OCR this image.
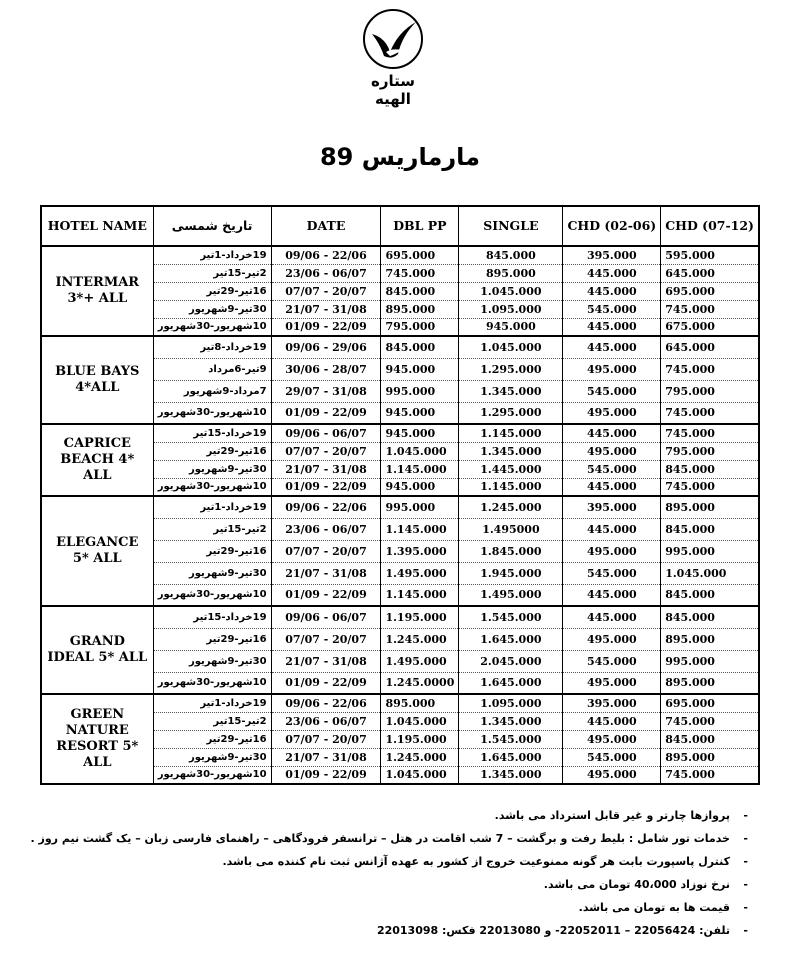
ستاره الهیه
مارماریس 89
HOTEL NAME	تاریخ شمسی	DATE	DBL PP	SINGLE	CHD (02-06)	CHD (07-12)
INTERMAR 3*+ ALL	19خرداد-1تیر	09/06 - 22/06	695.000	845.000	395.000	595.000
	2تیر-15تیر	23/06 - 06/07	745.000	895.000	445.000	645.000
	16تیر-29تیر	07/07 - 20/07	845.000	1.045.000	445.000	695.000
	30تیر-9شهریور	21/07 - 31/08	895.000	1.095.000	545.000	745.000
	10شهریور-30شهریور	01/09 - 22/09	795.000	945.000	445.000	675.000
BLUE BAYS 4*ALL	19خرداد-8تیر	09/06 - 29/06	845.000	1.045.000	445.000	645.000
	9تیر-6مرداد	30/06 - 28/07	945.000	1.295.000	495.000	745.000
	7مرداد-9شهریور	29/07 - 31/08	995.000	1.345.000	545.000	795.000
	10شهریور-30شهریور	01/09 - 22/09	945.000	1.295.000	495.000	745.000
CAPRICE BEACH 4* ALL	19خرداد-15تیر	09/06 - 06/07	945.000	1.145.000	445.000	745.000
	16تیر-29تیر	07/07 - 20/07	1.045.000	1.345.000	495.000	795.000
	30تیر-9شهریور	21/07 - 31/08	1.145.000	1.445.000	545.000	845.000
	10شهریور-30شهریور	01/09 - 22/09	945.000	1.145.000	445.000	745.000
ELEGANCE 5* ALL	19خرداد-1تیر	09/06 - 22/06	995.000	1.245.000	395.000	895.000
	2تیر-15تیر	23/06 - 06/07	1.145.000	1.495000	445.000	845.000
	16تیر-29تیر	07/07 - 20/07	1.395.000	1.845.000	495.000	995.000
	30تیر-9شهریور	21/07 - 31/08	1.495.000	1.945.000	545.000	1.045.000
	10شهریور-30شهریور	01/09 - 22/09	1.145.000	1.495.000	445.000	845.000
GRAND IDEAL 5* ALL	19خرداد-15تیر	09/06 - 06/07	1.195.000	1.545.000	445.000	845.000
	16تیر-29تیر	07/07 - 20/07	1.245.000	1.645.000	495.000	895.000
	30تیر-9شهریور	21/07 - 31/08	1.495.000	2.045.000	545.000	995.000
	10شهریور-30شهریور	01/09 - 22/09	1.245.0000	1.645.000	495.000	895.000
GREEN NATURE RESORT 5* ALL	19خرداد-1تیر	09/06 - 22/06	895.000	1.095.000	395.000	695.000
	2تیر-15تیر	23/06 - 06/07	1.045.000	1.345.000	445.000	745.000
	16تیر-29تیر	07/07 - 20/07	1.195.000	1.545.000	495.000	845.000
	30تیر-9شهریور	21/07 - 31/08	1.245.000	1.645.000	545.000	895.000
	10شهریور-30شهریور	01/09 - 22/09	1.045.000	1.345.000	495.000	745.000
- پروازها چارتر و غیر قابل استرداد می باشد.
- خدمات تور شامل : بلیط رفت و برگشت – 7 شب اقامت در هتل – ترانسفر فرودگاهی – راهنمای فارسی زبان – یک گشت نیم روز .
- کنترل پاسپورت بابت هر گونه ممنوعیت خروج از کشور به عهده آژانس ثبت نام کننده می باشد.
- نرخ نوزاد 40،000 تومان می باشد.
- قیمت ها به تومان می باشد.
- تلفن: 22056424 – 22052011- و 22013080 فکس: 22013098
